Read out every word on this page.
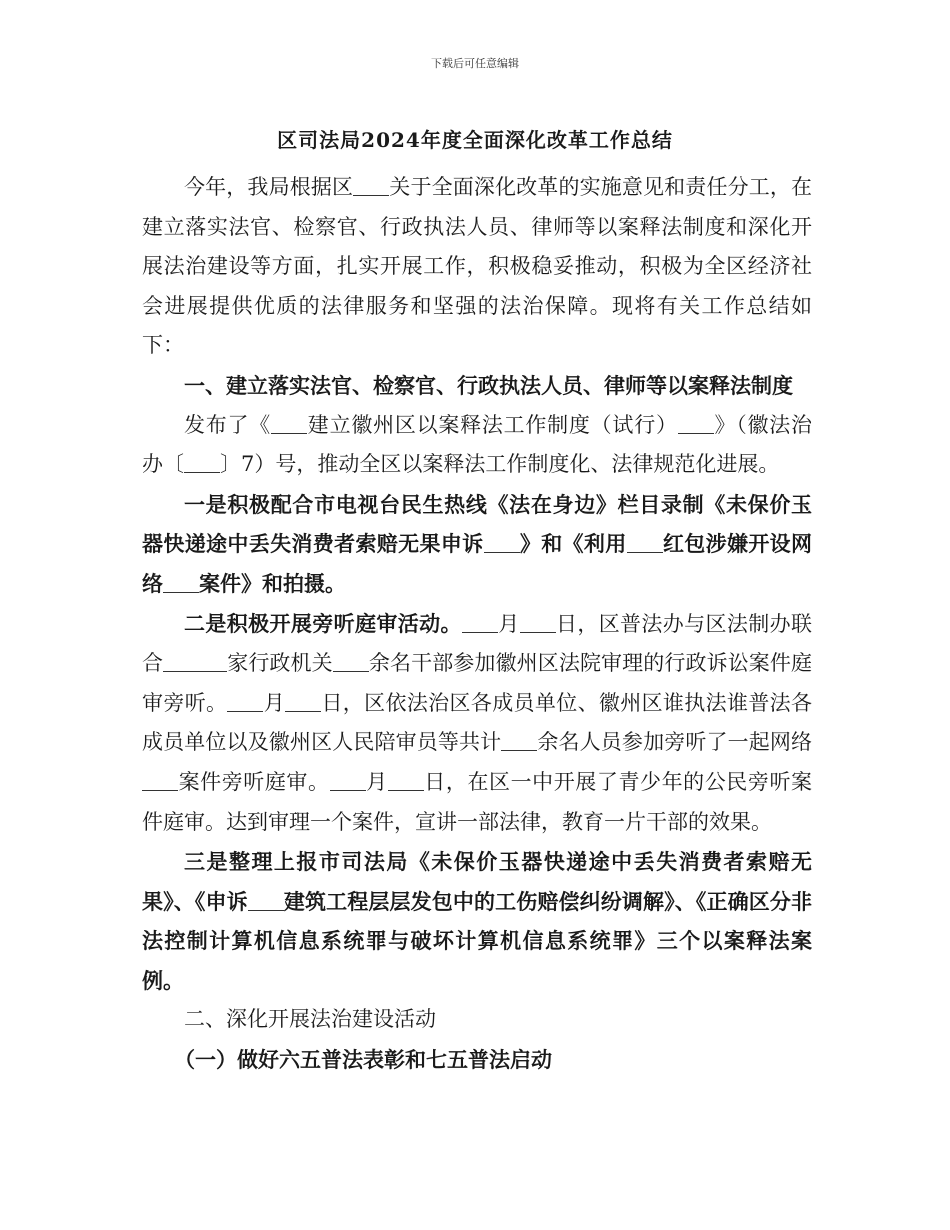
下载后可任意编辑
区司法局2024年度全面深化改革工作总结

今年，我局根据区 关于全面深化改革的实施意见和责任分工，在建立落实法官、检察官、行政执法人员、律师等以案释法制度和深化开展法治建设等方面，扎实开展工作，积极稳妥推动，积极为全区经济社会进展提供优质的法律服务和坚强的法治保障。现将有关工作总结如下：

一、建立落实法官、检察官、行政执法人员、律师等以案释法制度

发布了《 建立徽州区以案释法工作制度（试行） 》（徽法治办〔 〕7）号，推动全区以案释法工作制度化、法律规范化进展。

一是积极配合市电视台民生热线《法在身边》栏目录制《未保价玉器快递途中丢失消费者索赔无果申诉 》和《利用 红包涉嫌开设网络 案件》和拍摄。

二是积极开展旁听庭审活动。 月 日，区普法办与区法制办联合	家行政机关 余名干部参加徽州区法院审理的行政诉讼案件庭审旁听。 月 日，区依法治区各成员单位、徽州区谁执法谁普法各成员单位以及徽州区人民陪审员等共计 余名人员参加旁听了一起网络案件旁听庭审。 月 日，在区一中开展了青少年的公民旁听案件庭审。达到审理一个案件，宣讲一部法律，教育一片干部的效果。

三是整理上报市司法局《未保价玉器快递途中丢失消费者索赔无果》、《申诉 建筑工程层层发包中的工伤赔偿纠纷调解》、《正确区分非法控制计算机信息系统罪与破坏计算机信息系统罪》三个以案释法案例。

二、深化开展法治建设活动

（一）做好六五普法表彰和七五普法启动
